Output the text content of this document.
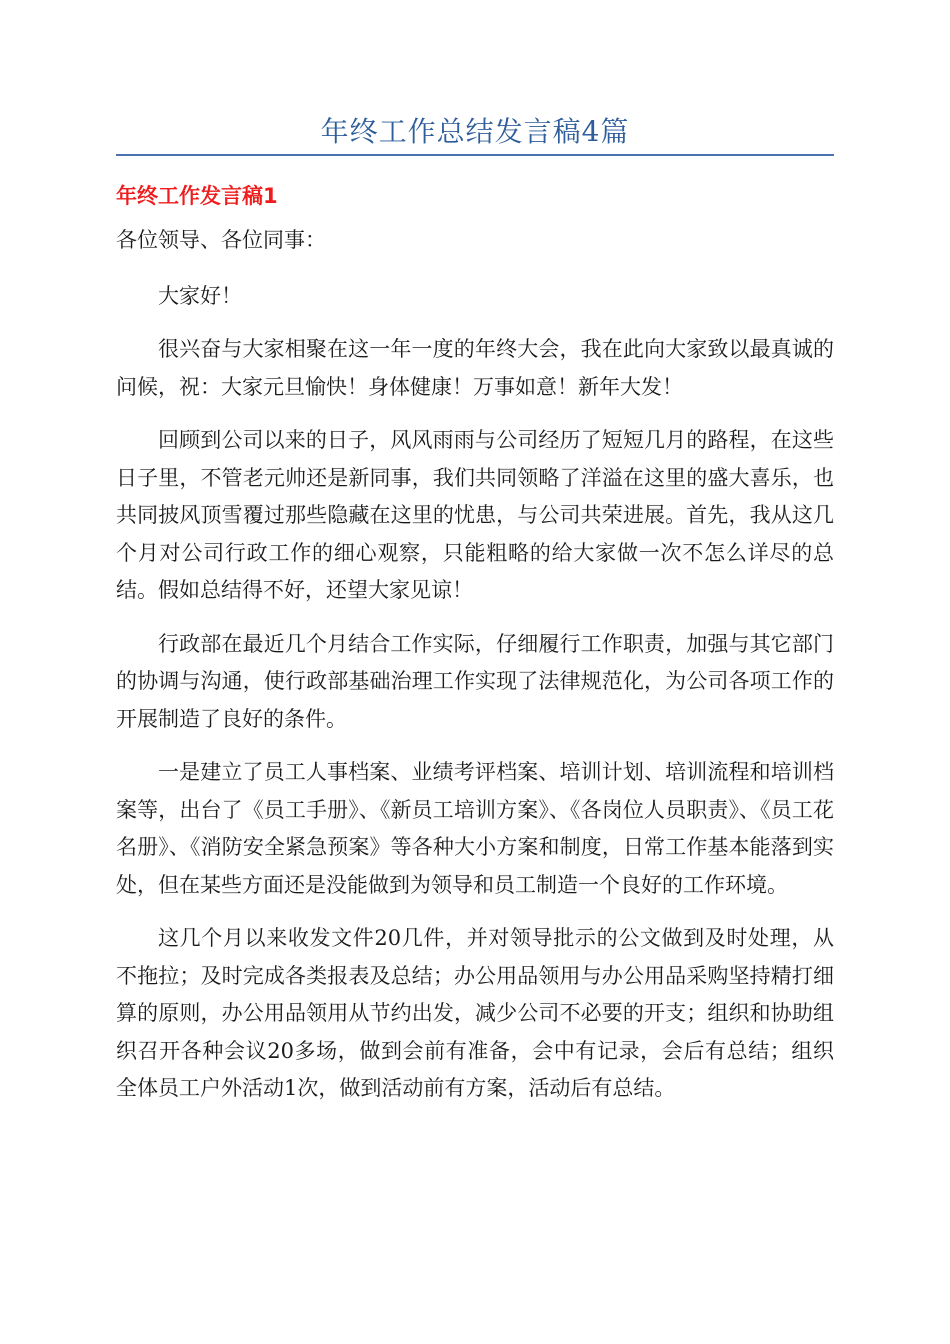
年终工作总结发言稿4篇
年终工作发言稿1

各位领导、各位同事：

大家好！

很兴奋与大家相聚在这一年一度的年终大会，我在此向大家致以最真诚的问候，祝：大家元旦愉快！身体健康！万事如意！新年大发！

回顾到公司以来的日子，风风雨雨与公司经历了短短几月的路程，在这些日子里，不管老元帅还是新同事，我们共同领略了洋溢在这里的盛大喜乐，也共同披风顶雪覆过那些隐藏在这里的忧患，与公司共荣进展。首先，我从这几个月对公司行政工作的细心观察，只能粗略的给大家做一次不怎么详尽的总结。假如总结得不好，还望大家见谅！

行政部在最近几个月结合工作实际，仔细履行工作职责，加强与其它部门的协调与沟通，使行政部基础治理工作实现了法律规范化，为公司各项工作的开展制造了良好的条件。

一是建立了员工人事档案、业绩考评档案、培训计划、培训流程和培训档案等，出台了《员工手册》、《新员工培训方案》、《各岗位人员职责》、《员工花名册》、《消防安全紧急预案》等各种大小方案和制度，日常工作基本能落到实处，但在某些方面还是没能做到为领导和员工制造一个良好的工作环境。

这几个月以来收发文件20几件，并对领导批示的公文做到及时处理，从不拖拉；及时完成各类报表及总结；办公用品领用与办公用品采购坚持精打细算的原则，办公用品领用从节约出发，减少公司不必要的开支；组织和协助组织召开各种会议20多场，做到会前有准备，会中有记录，会后有总结；组织全体员工户外活动1次，做到活动前有方案，活动后有总结。
